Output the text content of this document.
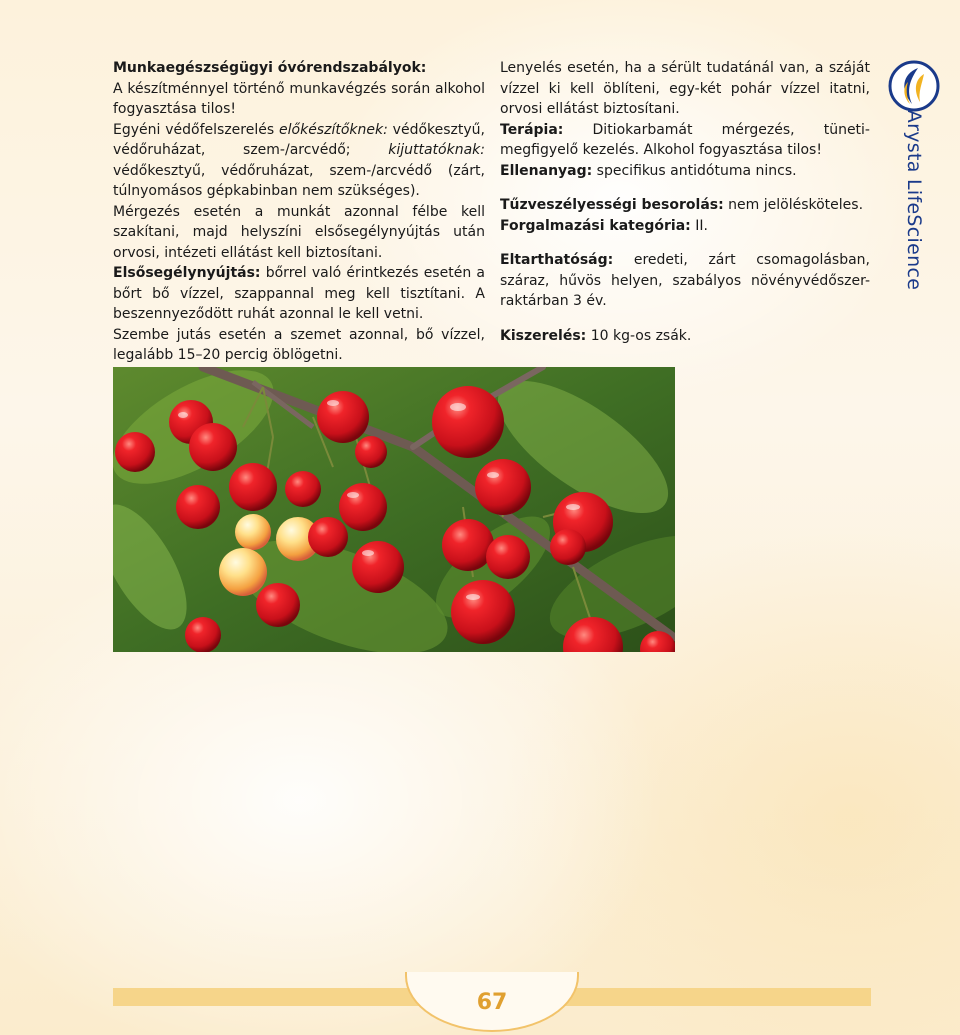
Munkaegészségügyi óvórendszabályok:

A készítménnyel történő munkavégzés során alkohol fogyasztása tilos!

Egyéni védőfelszerelés előkészítőknek: védőkesztyű, védőruházat, szem-/arcvédő; kijuttatóknak: védőkesztyű, védőruházat, szem-/arcvédő (zárt, túlnyomásos gépkabinban nem szükséges).

Mérgezés esetén a munkát azonnal félbe kell szakítani, majd helyszíni elsősegélynyújtás után orvosi, intézeti ellátást kell biztosítani.

Elsősegélynyújtás: bőrrel való érintkezés esetén a bőrt bő vízzel, szappannal meg kell tisztítani. A beszennyeződött ruhát azonnal le kell vetni.

Szembe jutás esetén a szemet azonnal, bő vízzel, legalább 15–20 percig öblögetni.

Lenyelés esetén, ha a sérült tudatánál van, a száját vízzel ki kell öblíteni, egy-két pohár vízzel itatni, orvosi ellátást biztosítani.

Terápia: Ditiokarbamát mérgezés, tüneti-megfigyelő kezelés. Alkohol fogyasztása tilos!

Ellenanyag: specifikus antidótuma nincs.

Tűzveszélyességi besorolás: nem jelölésköteles.

Forgalmazási kategória: II.

Eltarthatóság: eredeti, zárt csomagolásban, száraz, hűvös helyen, szabályos növényvédőszer-raktárban 3 év.

Kiszerelés: 10 kg-os zsák.

Arysta LifeScience
67
